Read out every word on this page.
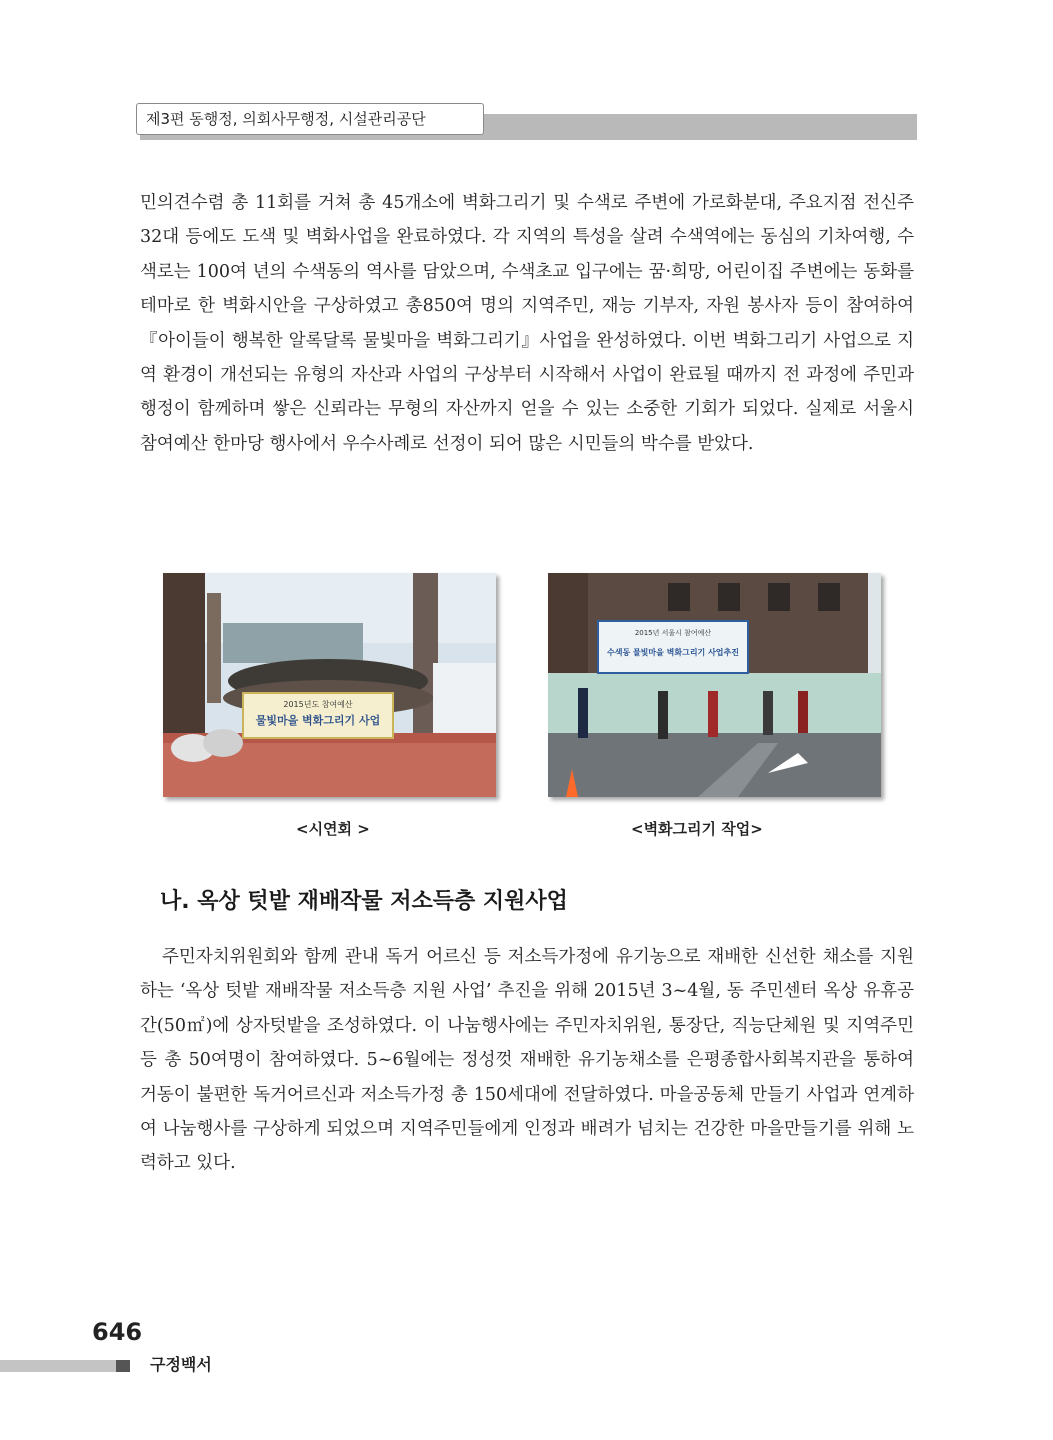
제3편 동행정, 의회사무행정, 시설관리공단

민의견수렴 총 11회를 거쳐 총 45개소에 벽화그리기 및 수색로 주변에 가로화분대, 주요지점 전신주 32대 등에도 도색 및 벽화사업을 완료하였다. 각 지역의 특성을 살려 수색역에는 동심의 기차여행, 수색로는 100여 년의 수색동의 역사를 담았으며, 수색초교 입구에는 꿈·희망, 어린이집 주변에는 동화를 테마로 한 벽화시안을 구상하였고 총850여 명의 지역주민, 재능 기부자, 자원 봉사자 등이 참여하여『아이들이 행복한 알록달록 물빛마을 벽화그리기』사업을 완성하였다. 이번 벽화그리기 사업으로 지역 환경이 개선되는 유형의 자산과 사업의 구상부터 시작해서 사업이 완료될 때까지 전 과정에 주민과 행정이 함께하며 쌓은 신뢰라는 무형의 자산까지 얻을 수 있는 소중한 기회가 되었다. 실제로 서울시 참여예산 한마당 행사에서 우수사례로 선정이 되어 많은 시민들의 박수를 받았다.

2015년도 참여예산
물빛마을 벽화그리기 사업
2015년 서울시 참여예산
수색동 물빛마을 벽화그리기 사업추진
<시연회 >	<벽화그리기 작업>
나. 옥상 텃밭 재배작물 저소득층 지원사업

주민자치위원회와 함께 관내 독거 어르신 등 저소득가정에 유기농으로 재배한 신선한 채소를 지원하는 ‘옥상 텃밭 재배작물 저소득층 지원 사업’ 추진을 위해 2015년 3~4월, 동 주민센터 옥상 유휴공간(50㎡)에 상자텃밭을 조성하였다. 이 나눔행사에는 주민자치위원, 통장단, 직능단체원 및 지역주민 등 총 50여명이 참여하였다. 5~6월에는 정성껏 재배한 유기농채소를 은평종합사회복지관을 통하여 거동이 불편한 독거어르신과 저소득가정 총 150세대에 전달하였다. 마을공동체 만들기 사업과 연계하여 나눔행사를 구상하게 되었으며 지역주민들에게 인정과 배려가 넘치는 건강한 마을만들기를 위해 노력하고 있다.

646
구정백서
